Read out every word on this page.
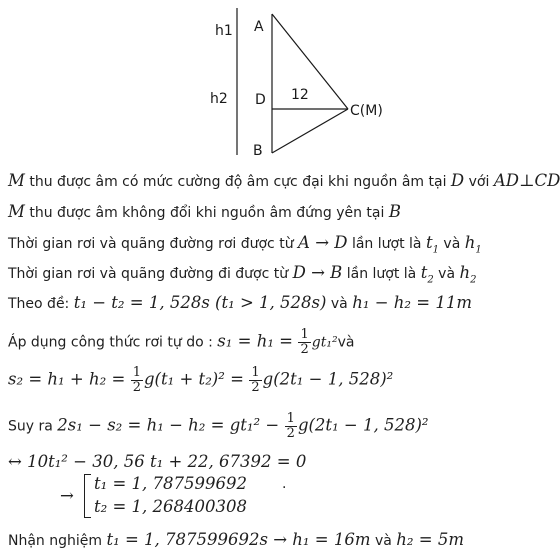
h1
h2
A
D
B
C(M)
12
M thu được âm có mức cường độ âm cực đại khi nguồn âm tại D với AD⊥CD
M thu được âm không đổi khi nguồn âm đứng yên tại B
Thời gian rơi và quãng đường rơi được từ A → D lần lượt là $t_1$ và $h_1$
Thời gian rơi và quãng đường đi được từ D → B lần lượt là $t_2$ và $h_2$
Theo đề: t₁ − t₂ = 1, 528s (t₁ > 1, 528s) và h₁ − h₂ = 11m
Áp dụng công thức rơi tự do : $s_1 = h_1 = \frac{1}{2}$ gt₁²và
$s_2 = h_1 + h_2 = \frac{1}{2} g(t_1 + t_2)^2 = \frac{1}{2} g(2t_1 - 1$, 528)²
Suy ra $2s_1 - s_2 = h_1 - h_2 = gt_1^2 - \frac{1}{2} g(2t_1 - 1$, 528)²
↔ 10t₁² − 30, 56 t₁ + 22, 67392 = 0
→
t₁ = 1, 787599692
t₂ = 1, 268400308
.
Nhận nghiệm t₁ = 1, 787599692s → h₁ = 16m và h₂ = 5m
